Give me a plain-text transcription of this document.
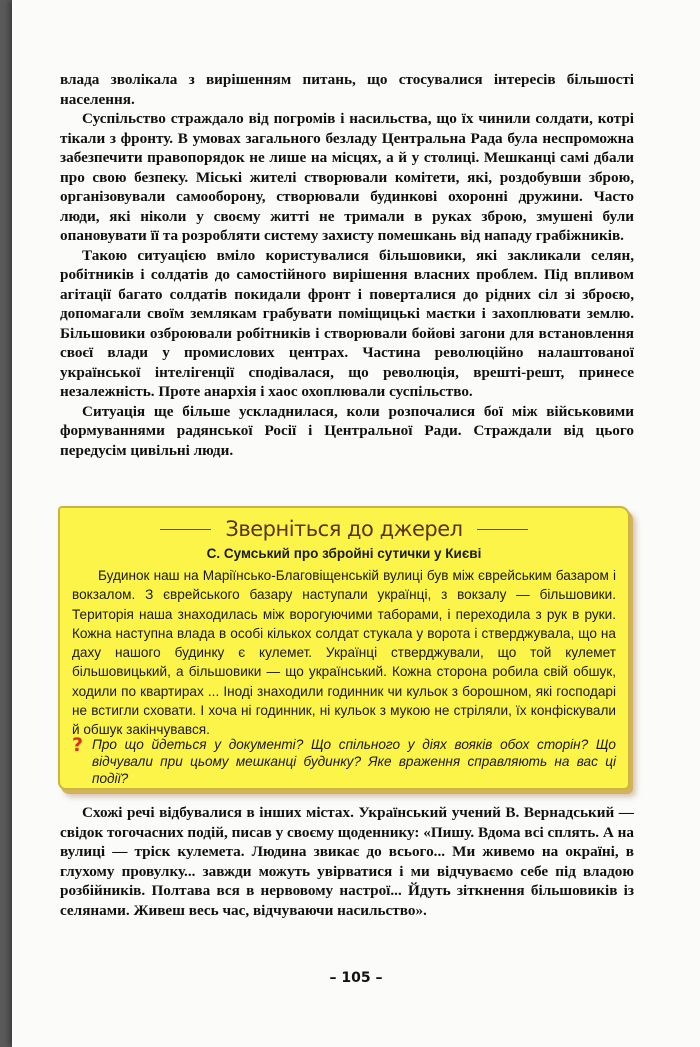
влада зволікала з вирішенням питань, що стосувалися інтересів більшості населення.

Суспільство страждало від погромів і насильства, що їх чинили солдати, котрі тікали з фронту. В умовах загального безладу Центральна Рада була неспроможна забезпечити правопорядок не лише на місцях, а й у столиці. Мешканці самі дбали про свою безпеку. Міські жителі створювали комітети, які, роздобувши зброю, організовували самооборону, створювали будинкові охоронні дружини. Часто люди, які ніколи у своєму житті не тримали в руках зброю, змушені були опановувати її та розробляти систему захисту помешкань від нападу грабіжників.

Такою ситуацією вміло користувалися більшовики, які закликали селян, робітників і солдатів до самостійного вирішення власних проблем. Під впливом агітації багато солдатів покидали фронт і поверталися до рідних сіл зі зброєю, допомагали своїм землякам грабувати поміщицькі маєтки і захоплювати землю. Більшовики озброювали робітників і створювали бойові загони для встановлення своєї влади у промислових центрах. Частина революційно налаштованої української інтелігенції сподівалася, що революція, врешті-решт, принесе незалежність. Проте анархія і хаос охоплювали суспільство.

Ситуація ще більше ускладнилася, коли розпочалися бої між військовими формуваннями радянської Росії і Центральної Ради. Страждали від цього передусім цивільні люди.

Зверніться до джерел
С. Сумський про збройні сутички у Києві
Будинок наш на Маріїнсько-Благовіщенській вулиці був між єврейським базаром і вокзалом. З єврейського базару наступали українці, з вокзалу — більшовики. Територія наша знаходилась між ворогуючими таборами, і переходила з рук в руки. Кожна наступна влада в особі кількох солдат стукала у ворота і стверджувала, що на даху нашого будинку є кулемет. Українці стверджували, що той кулемет більшовицький, а більшовики — що український. Кожна сторона робила свій обшук, ходили по квартирах ... Іноді знаходили годинник чи кульок з борошном, які господарі не встигли сховати. І хоча ні годинник, ні кульок з мукою не стріляли, їх конфіскували й обшук закінчувався.
? Про що йдеться у документі? Що спільного у діях вояків обох сторін? Що відчували при цьому мешканці будинку? Яке враження справляють на вас ці події?

Схожі речі відбувалися в інших містах. Український учений В. Вернадський — свідок тогочасних подій, писав у своєму щоденнику: «Пишу. Вдома всі сплять. А на вулиці — тріск кулемета. Людина звикає до всього... Ми живемо на окраїні, в глухому провулку... завжди можуть увірватися і ми відчуваємо себе під владою розбійників. Полтава вся в нервовому настрої... Йдуть зіткнення більшовиків із селянами. Живеш весь час, відчуваючи насильство».

– 105 –
